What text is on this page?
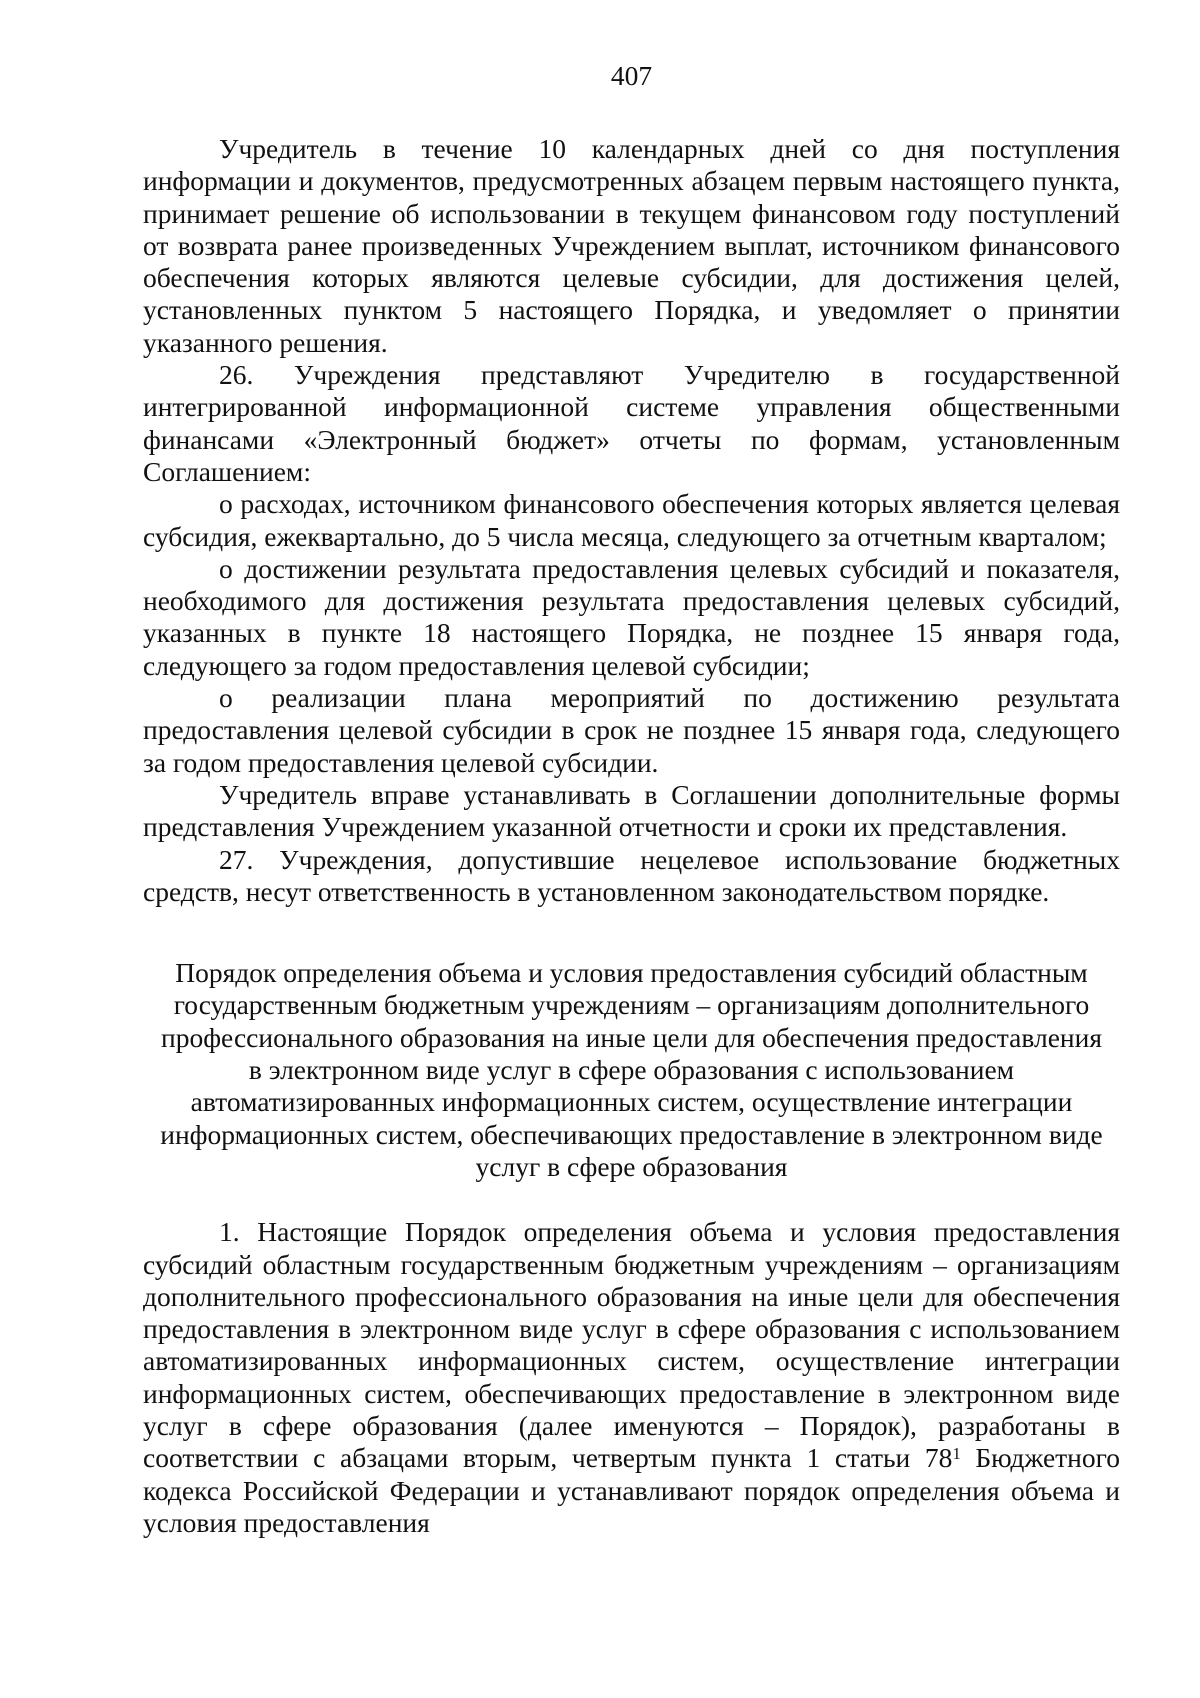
407

Учредитель в течение 10 календарных дней со дня поступления информации и документов, предусмотренных абзацем первым настоящего пункта, принимает решение об использовании в текущем финансовом году поступлений от возврата ранее произведенных Учреждением выплат, источником финансового обеспечения которых являются целевые субсидии, для достижения целей, установленных пунктом 5 настоящего Порядка, и уведомляет о принятии указанного решения.

26. Учреждения представляют Учредителю в государственной интегрированной информационной системе управления общественными финансами «Электронный бюджет» отчеты по формам, установленным Соглашением:

о расходах, источником финансового обеспечения которых является целевая субсидия, ежеквартально, до 5 числа месяца, следующего за отчетным кварталом;

о достижении результата предоставления целевых субсидий и показателя, необходимого для достижения результата предоставления целевых субсидий, указанных в пункте 18 настоящего Порядка, не позднее 15 января года, следующего за годом предоставления целевой субсидии;

о реализации плана мероприятий по достижению результата предоставления целевой субсидии в срок не позднее 15 января года, следующего за годом предоставления целевой субсидии.

Учредитель вправе устанавливать в Соглашении дополнительные формы представления Учреждением указанной отчетности и сроки их представления.

27. Учреждения, допустившие нецелевое использование бюджетных средств, несут ответственность в установленном законодательством порядке.

Порядок определения объема и условия предоставления субсидий областным
государственным бюджетным учреждениям – организациям дополнительного
профессионального образования на иные цели для обеспечения предоставления
в электронном виде услуг в сфере образования с использованием
автоматизированных информационных систем, осуществление интеграции
информационных систем, обеспечивающих предоставление в электронном виде
услуг в сфере образования

1. Настоящие Порядок определения объема и условия предоставления субсидий областным государственным бюджетным учреждениям – организациям дополнительного профессионального образования на иные цели для обеспечения предоставления в электронном виде услуг в сфере образования с использованием автоматизированных информационных систем, осуществление интеграции информационных систем, обеспечивающих предоставление в электронном виде услуг в сфере образования (далее именуются – Порядок), разработаны в соответствии с абзацами вторым, четвертым пункта 1 статьи $78^1$ Бюджетного кодекса Российской Федерации и устанавливают порядок определения объема и условия предоставления
